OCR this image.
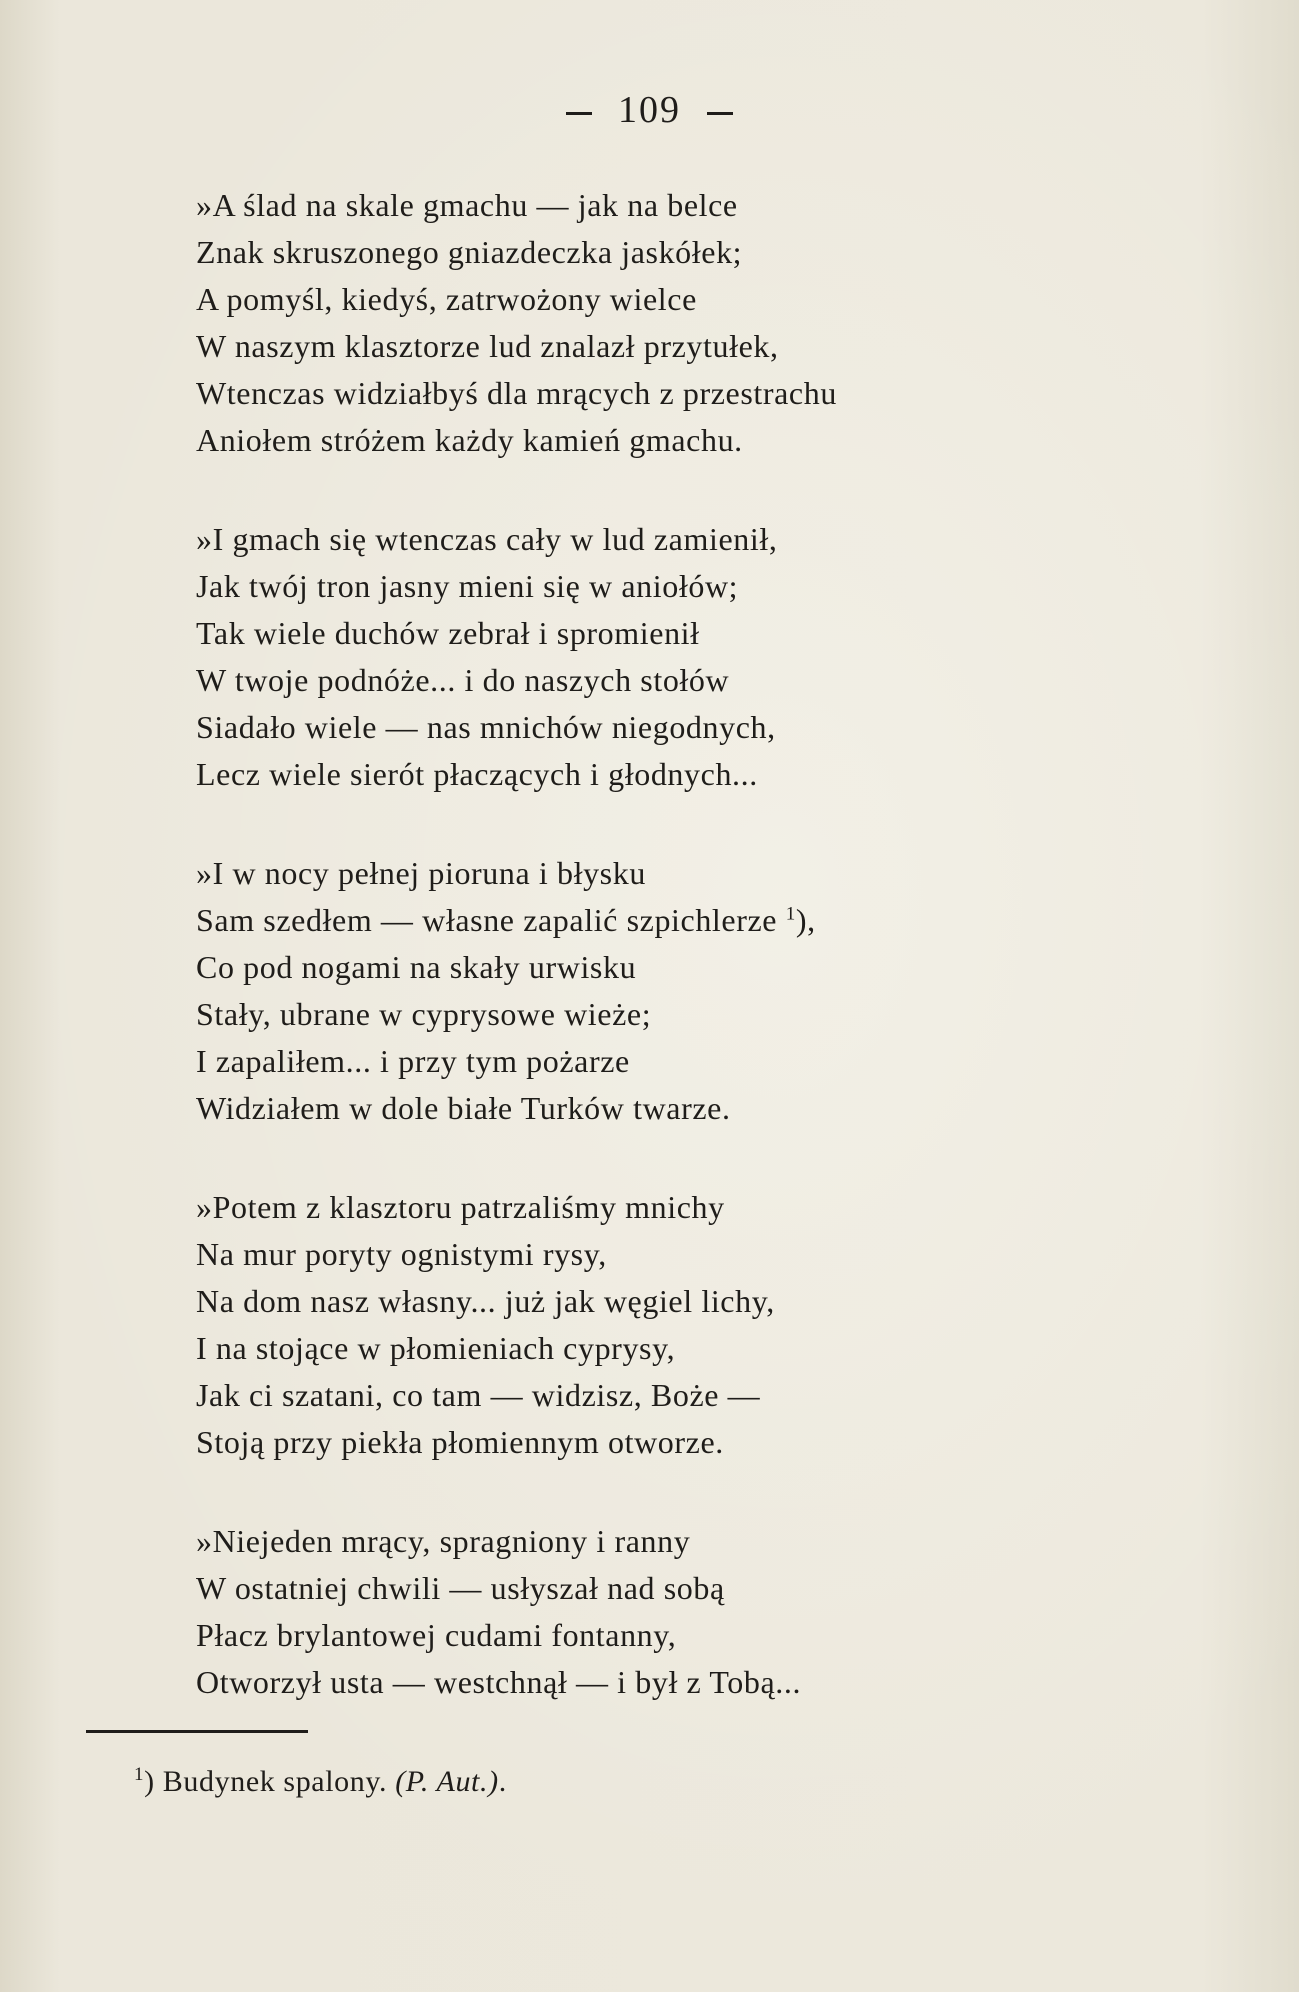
109
»A ślad na skale gmachu — jak na belce
Znak skruszonego gniazdeczka jaskółek;
A pomyśl, kiedyś, zatrwożony wielce
W naszym klasztorze lud znalazł przytułek,
Wtenczas widziałbyś dla mrących z przestrachu
Aniołem stróżem każdy kamień gmachu.
»I gmach się wtenczas cały w lud zamienił,
Jak twój tron jasny mieni się w aniołów;
Tak wiele duchów zebrał i spromienił
W twoje podnóże... i do naszych stołów
Siadało wiele — nas mnichów niegodnych,
Lecz wiele sierót płaczących i głodnych...
»I w nocy pełnej pioruna i błysku
Sam szedłem — własne zapalić szpichlerze $^1$),
Co pod nogami na skały urwisku
Stały, ubrane w cyprysowe wieże;
I zapaliłem... i przy tym pożarze
Widziałem w dole białe Turków twarze.
»Potem z klasztoru patrzaliśmy mnichy
Na mur poryty ognistymi rysy,
Na dom nasz własny... już jak węgiel lichy,
I na stojące w płomieniach cyprysy,
Jak ci szatani, co tam — widzisz, Boże —
Stoją przy piekła płomiennym otworze.
»Niejeden mrący, spragniony i ranny
W ostatniej chwili — usłyszał nad sobą
Płacz brylantowej cudami fontanny,
Otworzył usta — westchnął — i był z Tobą...
$^1$) Budynek spalony. (P. Aut.).
